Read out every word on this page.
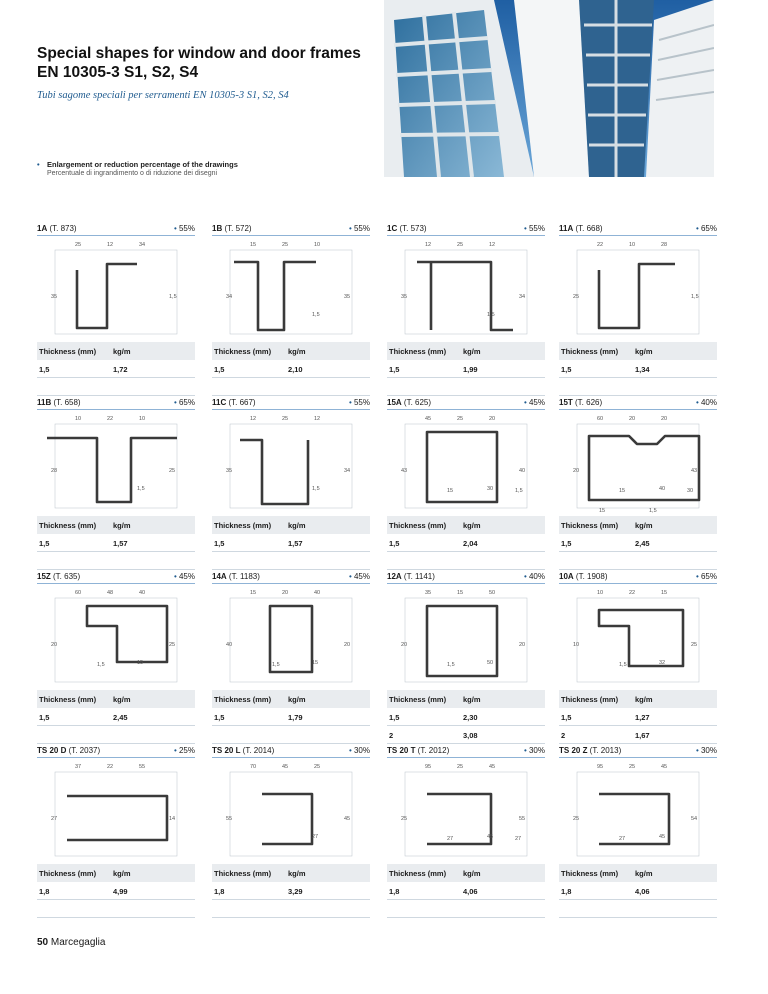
Special shapes for window and door frames
EN 10305-3 S1, S2, S4
Tubi sagome speciali per serramenti EN 10305-3 S1, S2, S4
• Enlargement or reduction percentage of the drawings
Percentuale di ingrandimento o di riduzione dei disegni
1A (T. 873)	• 55%
25	12	34
35	1,5
Thickness (mm) kg/m
1,5	1,72
1B (T. 572)	• 55%
15	25	10
34	35
1,5
Thickness (mm) kg/m
1,5	2,10
1C (T. 573)	• 55%
12	25	12
35	34
1,5
Thickness (mm) kg/m
1,5	1,99
11A (T. 668)	• 65%
22	10	28
25	1,5
Thickness (mm) kg/m
1,5	1,34
11B (T. 658)	• 65%
10	22	10
28	25
1,5
Thickness (mm) kg/m
1,5	1,57
11C (T. 667)	• 55%
12	25	12
35	34
1,5
Thickness (mm) kg/m
1,5	1,57
15A (T. 625)	• 45%
45	25	20
43	40
30
15	1,5
Thickness (mm) kg/m
1,5	2,04
15T (T. 626)	• 40%
60	20	20
20	43
40
15	30
15	1,5
Thickness (mm) kg/m
1,5	2,45
15Z (T. 635)	• 45%
60	48	40
20	25
15
1,5
Thickness (mm) kg/m
1,5	2,45
14A (T. 1183)	• 45%
15	20	40
40	20
15
1,5
Thickness (mm) kg/m
1,5	1,79
12A (T. 1141)	• 40%
35	15	50
20	20
50
1,5
Thickness (mm) kg/m
1,5	2,30
2	3,08
10A (T. 1908)	• 65%
10	22	15
10	25
32
1,5
Thickness (mm) kg/m
1,5	1,27
2	1,67
TS 20 D (T. 2037)	• 25%
37	22	55
27	14
Thickness (mm) kg/m
1,8	4,99
TS 20 L (T. 2014)	• 30%
70	45	25
55	45
27
Thickness (mm) kg/m
1,8	3,29
TS 20 T (T. 2012)	• 30%
95	25	45
25	55
45
27	27
Thickness (mm) kg/m
1,8	4,06
TS 20 Z (T. 2013)	• 30%
95	25	45
25	54
45
27
Thickness (mm) kg/m
1,8	4,06
50 Marcegaglia
